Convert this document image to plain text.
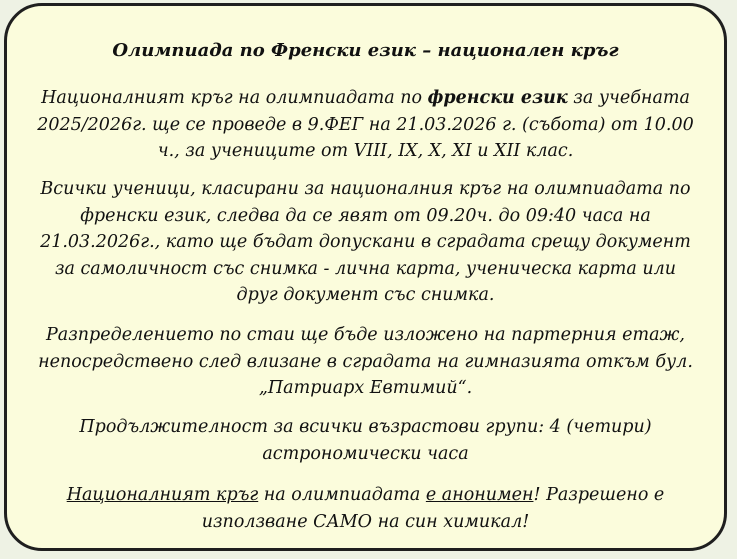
Олимпиада по Френски език – национален кръг

Националният кръг на олимпиадата по френски език за учебната 2025/2026г. ще се проведе в 9.ФЕГ на 21.03.2026 г. (събота) от 10.00 ч., за учениците от VIII, IX, X, XI и XII клас.

Всички ученици, класирани за националния кръг на олимпиадата по френски език, следва да се явят от 09.20ч. до 09:40 часа на 21.03.2026г., като ще бъдат допускани в сградата срещу документ за самоличност със снимка - лична карта, ученическа карта или друг документ със снимка.

Разпределението по стаи ще бъде изложено на партерния етаж, непосредствено след влизане в сградата на гимназията откъм бул. „Патриарх Евтимий“.

Продължителност за всички възрастови групи: 4 (четири) астрономически часа

Националният кръг на олимпиадата е анонимен! Разрешено е използване САМО на син химикал!
